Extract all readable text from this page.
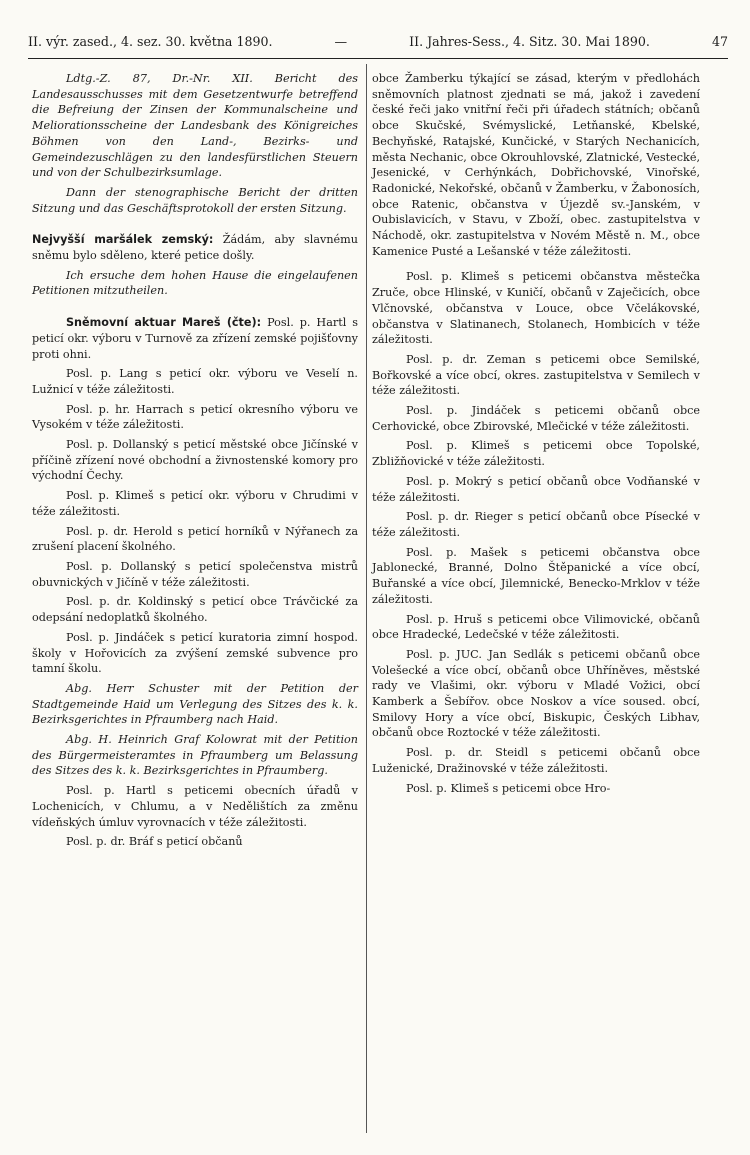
II. výr. zased., 4. sez. 30. května 1890.	—	II. Jahres-Sess., 4. Sitz. 30. Mai 1890.	47

Ldtg.-Z. 87, Dr.-Nr. XII. Bericht des Landesausschusses mit dem Gesetzentwurfe betreffend die Befreiung der Zinsen der Kommunalscheine und Meliorationsscheine der Landesbank des Königreiches Böhmen von den Land-, Bezirks- und Gemeindezuschlägen zu den landesfürstlichen Steuern und von der Schulbezirksumlage.

Dann der stenographische Bericht der dritten Sitzung und das Geschäftsprotokoll der ersten Sitzung.

Nejvyšší maršálek zemský: Žádám, aby slavnému sněmu bylo sděleno, které petice došly.

Ich ersuche dem hohen Hause die eingelaufenen Petitionen mitzutheilen.

Sněmovní aktuar Mareš (čte): Posl. p. Hartl s peticí okr. výboru v Turnově za zřízení zemské pojišťovny proti ohni.

Posl. p. Lang s peticí okr. výboru ve Veselí n. Lužnicí v téže záležitosti.

Posl. p. hr. Harrach s peticí okresního výboru ve Vysokém v téže záležitosti.

Posl. p. Dollanský s peticí městské obce Jičínské v příčině zřízení nové obchodní a živnostenské komory pro východní Čechy.

Posl. p. Klimeš s peticí okr. výboru v Chrudimi v téže záležitosti.

Posl. p. dr. Herold s peticí horníků v Nýřanech za zrušení placení školného.

Posl. p. Dollanský s peticí společenstva mistrů obuvnických v Jičíně v téže záležitosti.

Posl. p. dr. Koldinský s peticí obce Trávčické za odepsání nedoplatků školného.

Posl. p. Jindáček s peticí kuratoria zimní hospod. školy v Hořovicích za zvýšení zemské subvence pro tamní školu.

Abg. Herr Schuster mit der Petition der Stadtgemeinde Haid um Verlegung des Sitzes des k. k. Bezirksgerichtes in Pfraumberg nach Haid.

Abg. H. Heinrich Graf Kolowrat mit der Petition des Bürgermeisteramtes in Pfraumberg um Belassung des Sitzes des k. k. Bezirksgerichtes in Pfraumberg.

Posl. p. Hartl s peticemi obecních úřadů v Lochenicích, v Chlumu, a v Nedělištích za změnu vídeňských úmluv vyrovnacích v téže záležitosti.

Posl. p. dr. Bráf s peticí občanů

obce Žamberku týkající se zásad, kterým v předlohách sněmovních platnost zjednati se má, jakož i zavedení české řeči jako vnitřní řeči při úřadech státních; občanů obce Skučské, Svémyslické, Letňanské, Kbelské, Bechyňské, Ratajské, Kunčické, v Starých Nechanicích, města Nechanic, obce Okrouhlovské, Zlatnické, Vestecké, Jesenické, v Cerhýnkách, Dobřichovské, Vinořské, Radonické, Nekořské, občanů v Žamberku, v Žabonosích, obce Ratenic, občanstva v Újezdě sv.-Janském, v Oubislavicích, v Stavu, v Zboží, obec. zastupitelstva v Náchodě, okr. zastupitelstva v Novém Městě n. M., obce Kamenice Pusté a Lešanské v téže záležitosti.

Posl. p. Klimeš s peticemi občanstva městečka Zruče, obce Hlinské, v Kuničí, občanů v Zaječicích, obce Vlčnovské, občanstva v Louce, obce Včelákovské, občanstva v Slatinanech, Stolanech, Hombicích v téže záležitosti.

Posl. p. dr. Zeman s peticemi obce Semilské, Bořkovské a více obcí, okres. zastupitelstva v Semilech v téže záležitosti.

Posl. p. Jindáček s peticemi občanů obce Cerhovické, obce Zbirovské, Mlečické v téže záležitosti.

Posl. p. Klimeš s peticemi obce Topolské, Zbližňovické v téže záležitosti.

Posl. p. Mokrý s peticí občanů obce Vodňanské v téže záležitosti.

Posl. p. dr. Rieger s peticí občanů obce Písecké v téže záležitosti.

Posl. p. Mašek s peticemi občanstva obce Jablonecké, Branné, Dolno Štěpanické a více obcí, Buřanské a více obcí, Jilemnické, Benecko-Mrklov v téže záležitosti.

Posl. p. Hruš s peticemi obce Vilimovické, občanů obce Hradecké, Ledečské v téže záležitosti.

Posl. p. JUC. Jan Sedlák s peticemi občanů obce Volešecké a více obcí, občanů obce Uhříněves, městské rady ve Vlašimi, okr. výboru v Mladé Vožici, obcí Kamberk a Šebířov. obce Noskov a více soused. obcí, Smilovy Hory a více obcí, Biskupic, Českých Libhav, občanů obce Roztocké v téže záležitosti.

Posl. p. dr. Steidl s peticemi občanů obce Luženické, Dražinovské v téže záležitosti.

Posl. p. Klimeš s peticemi obce Hro-
